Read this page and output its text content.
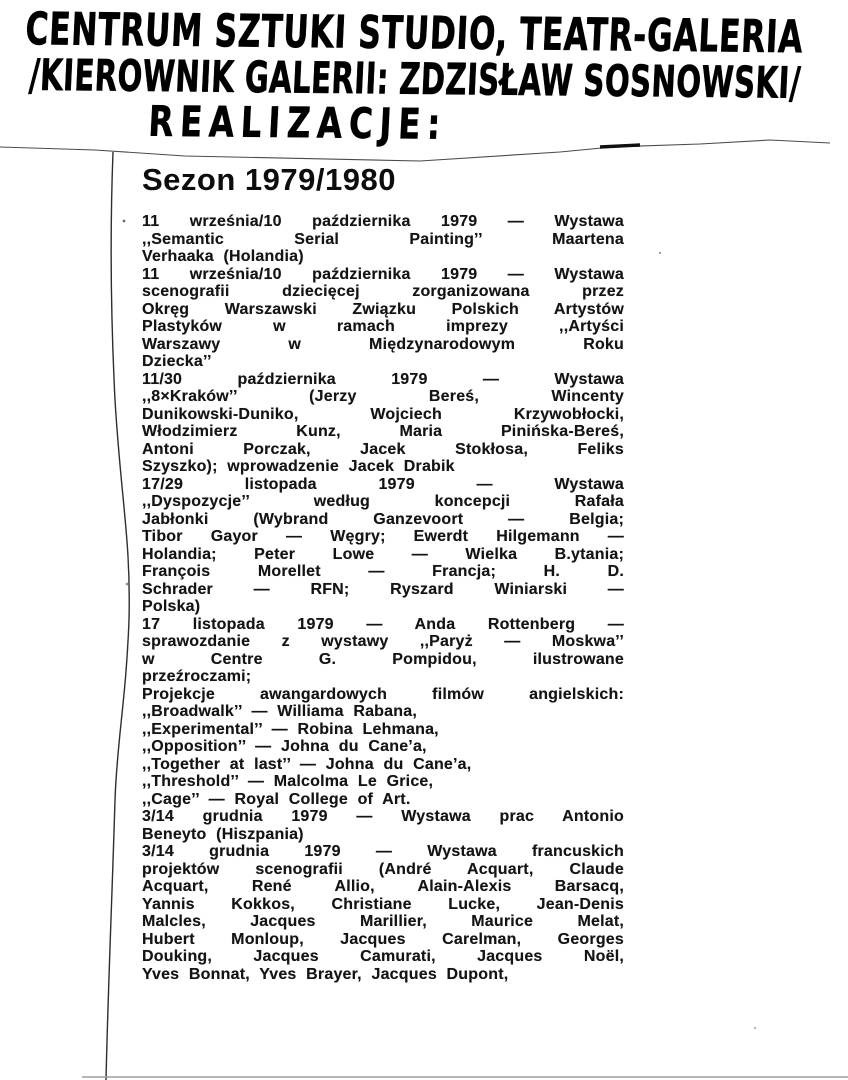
CENTRUM SZTUKI STUDIO, TEATR-GALERIA
/KIEROWNIK GALERII: ZDZISŁAW SOSNOWSKI/
REALIZACJE:
Sezon 1979/1980
11 września/10 października 1979 — Wystawa
,,Semantic Serial Painting’’ Maartena
Verhaaka (Holandia)
11 września/10 października 1979 — Wystawa
scenografii dziecięcej zorganizowana przez
Okręg Warszawski Związku Polskich Artystów
Plastyków w ramach imprezy ,,Artyści
Warszawy w Międzynarodowym Roku
Dziecka’’
11/30 października 1979 — Wystawa
,,8×Kraków’’ (Jerzy Bereś, Wincenty
Dunikowski-Duniko, Wojciech Krzywobłocki,
Włodzimierz Kunz, Maria Pinińska-Bereś,
Antoni Porczak, Jacek Stokłosa, Feliks
Szyszko); wprowadzenie Jacek Drabik
17/29 listopada 1979 — Wystawa
,,Dyspozycje’’ według koncepcji Rafała
Jabłonki (Wybrand Ganzevoort — Belgia;
Tibor Gayor — Węgry; Ewerdt Hilgemann —
Holandia; Peter Lowe — Wielka B.ytania;
François Morellet — Francja; H. D.
Schrader — RFN; Ryszard Winiarski —
Polska)
17 listopada 1979 — Anda Rottenberg —
sprawozdanie z wystawy ,,Paryż — Moskwa’’
w Centre G. Pompidou, ilustrowane
przeźroczami;
Projekcje awangardowych filmów angielskich:
,,Broadwalk’’ — Williama Rabana,
,,Experimental’’ — Robina Lehmana,
,,Opposition’’ — Johna du Cane’a,
,,Together at last’’ — Johna du Cane’a,
,,Threshold’’ — Malcolma Le Grice,
,,Cage’’ — Royal College of Art.
3/14 grudnia 1979 — Wystawa prac Antonio
Beneyto (Hiszpania)
3/14 grudnia 1979 — Wystawa francuskich
projektów scenografii (André Acquart, Claude
Acquart, René Allio, Alain-Alexis Barsacq,
Yannis Kokkos, Christiane Lucke, Jean-Denis
Malcles, Jacques Marillier, Maurice Melat,
Hubert Monloup, Jacques Carelman, Georges
Douking, Jacques Camurati, Jacques Noël,
Yves Bonnat, Yves Brayer, Jacques Dupont,
